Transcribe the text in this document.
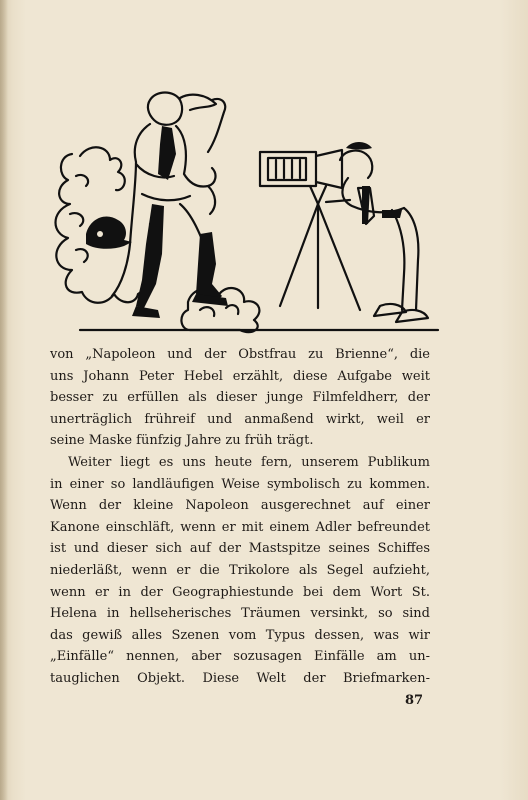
von „Napoleon und der Obstfrau zu Brienne“, die
uns Johann Peter Hebel erzählt, diese Aufgabe weit
besser zu erfüllen als dieser junge Filmfeldherr, der
unerträglich frühreif und anmaßend wirkt, weil er
seine Maske fünfzig Jahre zu früh trägt.
Weiter liegt es uns heute fern, unserem Publikum
in einer so landläufigen Weise symbolisch zu kommen.
Wenn der kleine Napoleon ausgerechnet auf einer
Kanone einschläft, wenn er mit einem Adler befreundet
ist und dieser sich auf der Mastspitze seines Schiffes
niederläßt, wenn er die Trikolore als Segel aufzieht,
wenn er in der Geographiestunde bei dem Wort St.
Helena in hellseherisches Träumen versinkt, so sind
das gewiß alles Szenen vom Typus dessen, was wir
„Einfälle“ nennen, aber sozusagen Einfälle am un-
tauglichen Objekt. Diese Welt der Briefmarken-
87
